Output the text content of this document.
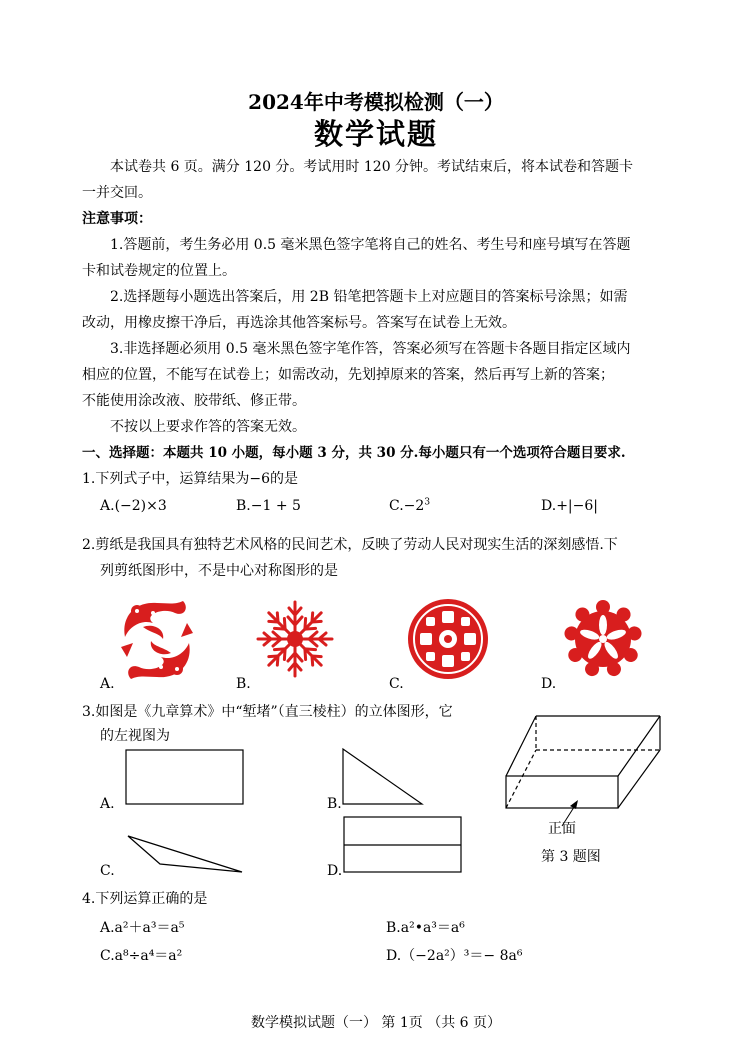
2024年中考模拟检测（一）
数学试题
本试卷共 6 页。满分 120 分。考试用时 120 分钟。考试结束后，将本试卷和答题卡
一并交回。
注意事项：
1.答题前，考生务必用 0.5 毫米黑色签字笔将自己的姓名、考生号和座号填写在答题
卡和试卷规定的位置上。
2.选择题每小题选出答案后，用 2B 铅笔把答题卡上对应题目的答案标号涂黑；如需
改动，用橡皮擦干净后，再选涂其他答案标号。答案写在试卷上无效。
3.非选择题必须用 0.5 毫米黑色签字笔作答，答案必须写在答题卡各题目指定区域内
相应的位置，不能写在试卷上；如需改动，先划掉原来的答案，然后再写上新的答案；
不能使用涂改液、胶带纸、修正带。
不按以上要求作答的答案无效。
一、选择题：本题共 10 小题，每小题 3 分，共 30 分.每小题只有一个选项符合题目要求.
1.下列式子中，运算结果为−6的是
A.(−2)×3	B.−1 + 5	$C.-2^3$	D.+|−6|
2.剪纸是我国具有独特艺术风格的民间艺术，反映了劳动人民对现实生活的深刻感悟.下
列剪纸图形中，不是中心对称图形的是
A.	B.	C.	D.
3.如图是《九章算术》中“堑堵”（直三棱柱）的立体图形，它
的左视图为
A.	B.
C.	D.
正面
第 3 题图
4.下列运算正确的是
A.a²＋a³＝a⁵	B.a²•a³＝a⁶
C.a⁸÷a⁴＝a²	D.（−2a²）³＝− 8a⁶
数学模拟试题（一） 第 1页 （共 6 页）
